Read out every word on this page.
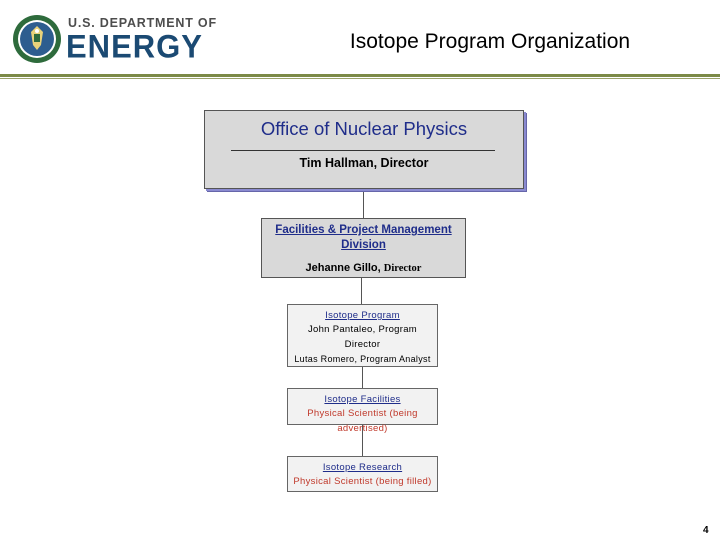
U.S. DEPARTMENT OF
ENERGY	Isotope Program Organization
Office of Nuclear Physics
Tim Hallman, Director
Facilities & Project Management
Division
Jehanne Gillo, Director
Isotope Program
John Pantaleo, Program
Director
Lutas Romero, Program Analyst
Isotope Facilities
Physical Scientist (being
advertised)
Isotope Research
Physical Scientist (being filled)
4
